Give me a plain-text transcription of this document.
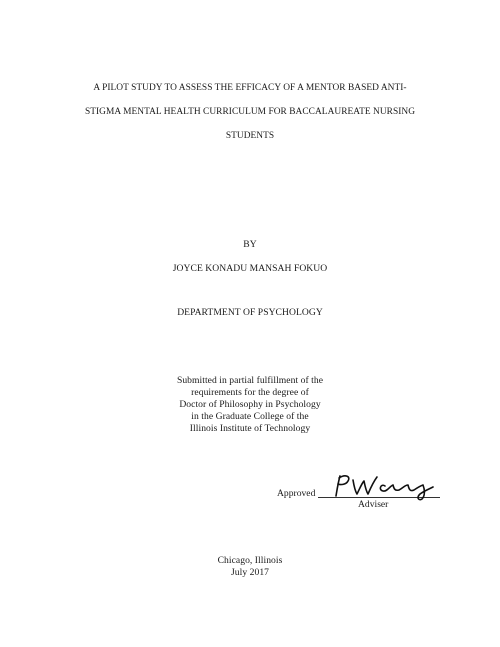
A PILOT STUDY TO ASSESS THE EFFICACY OF A MENTOR BASED ANTI-
STIGMA MENTAL HEALTH CURRICULUM FOR BACCALAUREATE NURSING
STUDENTS
BY
JOYCE KONADU MANSAH FOKUO
DEPARTMENT OF PSYCHOLOGY
Submitted in partial fulfillment of the
requirements for the degree of
Doctor of Philosophy in Psychology
in the Graduate College of the
Illinois Institute of Technology
Approved
Adviser
Chicago, Illinois
July 2017
